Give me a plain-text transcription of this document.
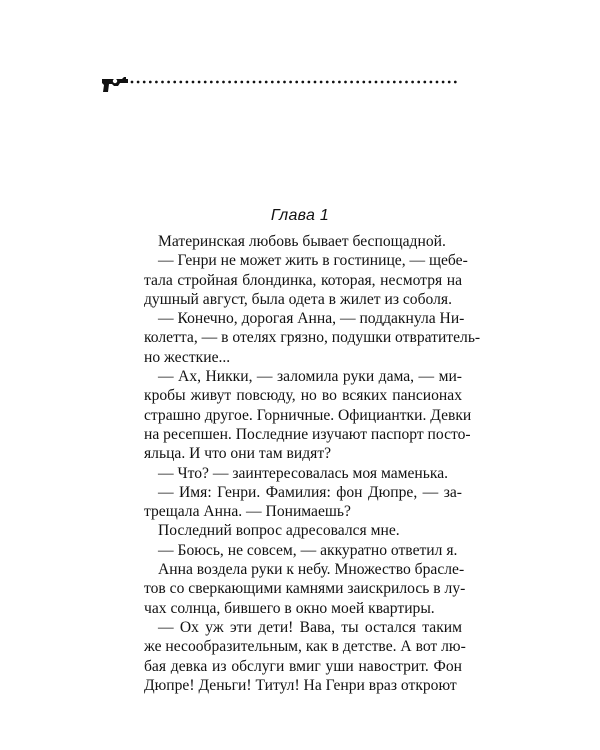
Глава 1
Материнская любовь бывает беспощадной.
— Генри не может жить в гостинице, — щебе-
тала стройная блондинка, которая, несмотря на
душный август, была одета в жилет из соболя.
— Конечно, дорогая Анна, — поддакнула Ни-
колетта, — в отелях грязно, подушки отвратитель-
но жесткие...
— Ах, Никки, — заломила руки дама, — ми-
кробы живут повсюду, но во всяких пансионах
страшно другое. Горничные. Официантки. Девки
на ресепшен. Последние изучают паспорт посто-
яльца. И что они там видят?
— Что? — заинтересовалась моя маменька.
— Имя: Генри. Фамилия: фон Дюпре, — за-
трещала Анна. — Понимаешь?
Последний вопрос адресовался мне.
— Боюсь, не совсем, — аккуратно ответил я.
Анна воздела руки к небу. Множество брасле-
тов со сверкающими камнями заискрилось в лу-
чах солнца, бившего в окно моей квартиры.
— Ох уж эти дети! Вава, ты остался таким
же несообразительным, как в детстве. А вот лю-
бая девка из обслуги вмиг уши навострит. Фон
Дюпре! Деньги! Титул! На Генри враз откроют
